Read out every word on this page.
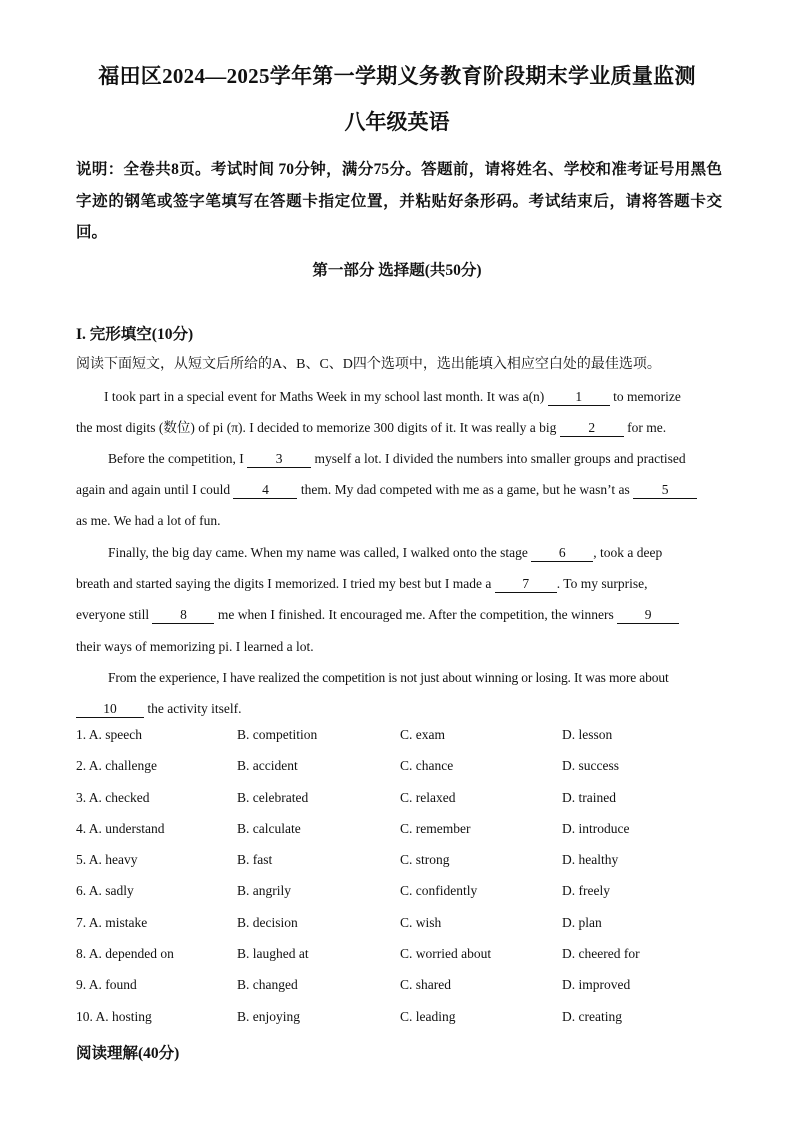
福田区2024—2025学年第一学期义务教育阶段期末学业质量监测
八年级英语
说明：全卷共8页。考试时间 70分钟，满分75分。答题前，请将姓名、学校和准考证号用黑色字迹的钢笔或签字笔填写在答题卡指定位置，并粘贴好条形码。考试结束后，请将答题卡交回。
第一部分 选择题(共50分)
I. 完形填空(10分)
阅读下面短文，从短文后所给的A、B、C、D四个选项中，选出能填入相应空白处的最佳选项。
I took part in a special event for Maths Week in my school last month. It was a(n) 1 to memorize
the most digits (数位) of pi (π). I decided to memorize 300 digits of it. It was really a big 2 for me.
Before the competition, I 3 myself a lot. I divided the numbers into smaller groups and practised
again and again until I could 4 them. My dad competed with me as a game, but he wasn’t as 5
as me. We had a lot of fun.
Finally, the big day came. When my name was called, I walked onto the stage 6 , took a deep
breath and started saying the digits I memorized. I tried my best but I made a 7 . To my surprise,
everyone still 8 me when I finished. It encouraged me. After the competition, the winners 9
their ways of memorizing pi. I learned a lot.
From the experience, I have realized the competition is not just about winning or losing. It was more about
10 the activity itself.
1. A. speech	B. competition	C. exam	D. lesson
2. A. challenge	B. accident	C. chance	D. success
3. A. checked	B. celebrated	C. relaxed	D. trained
4. A. understand	B. calculate	C. remember	D. introduce
5. A. heavy	B. fast	C. strong	D. healthy
6. A. sadly	B. angrily	C. confidently	D. freely
7. A. mistake	B. decision	C. wish	D. plan
8. A. depended on	B. laughed at	C. worried about	D. cheered for
9. A. found	B. changed	C. shared	D. improved
10. A. hosting	B. enjoying	C. leading	D. creating
阅读理解(40分)
